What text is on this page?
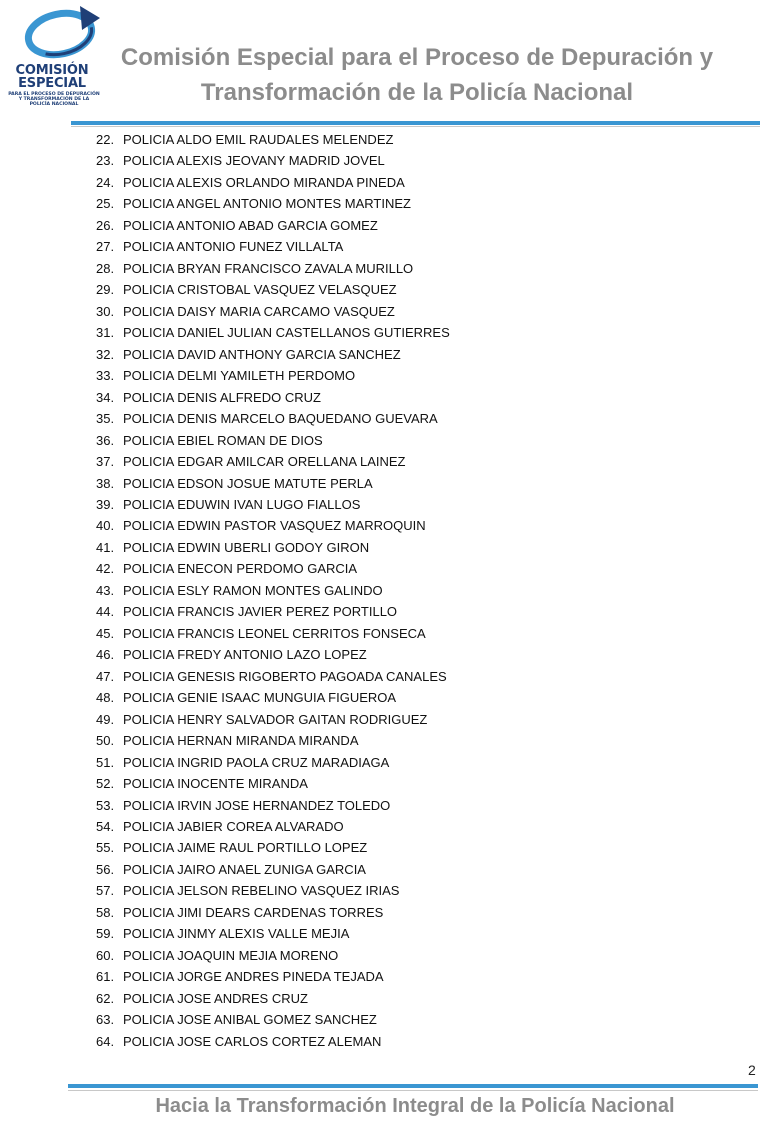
COMISIÓN
ESPECIAL
PARA EL PROCESO DE DEPURACIÓN
Y TRANSFORMACIÓN DE LA
POLICÍA NACIONAL
Comisión Especial para el Proceso de Depuración y
Transformación de la Policía Nacional
22. POLICIA ALDO EMIL RAUDALES MELENDEZ
23. POLICIA ALEXIS JEOVANY MADRID JOVEL
24. POLICIA ALEXIS ORLANDO MIRANDA PINEDA
25. POLICIA ANGEL ANTONIO MONTES MARTINEZ
26. POLICIA ANTONIO ABAD GARCIA GOMEZ
27. POLICIA ANTONIO FUNEZ VILLALTA
28. POLICIA BRYAN FRANCISCO ZAVALA MURILLO
29. POLICIA CRISTOBAL VASQUEZ VELASQUEZ
30. POLICIA DAISY MARIA CARCAMO VASQUEZ
31. POLICIA DANIEL JULIAN CASTELLANOS GUTIERRES
32. POLICIA DAVID ANTHONY GARCIA SANCHEZ
33. POLICIA DELMI YAMILETH PERDOMO
34. POLICIA DENIS ALFREDO CRUZ
35. POLICIA DENIS MARCELO BAQUEDANO GUEVARA
36. POLICIA EBIEL ROMAN DE DIOS
37. POLICIA EDGAR AMILCAR ORELLANA LAINEZ
38. POLICIA EDSON JOSUE MATUTE PERLA
39. POLICIA EDUWIN IVAN LUGO FIALLOS
40. POLICIA EDWIN PASTOR VASQUEZ MARROQUIN
41. POLICIA EDWIN UBERLI GODOY GIRON
42. POLICIA ENECON PERDOMO GARCIA
43. POLICIA ESLY RAMON MONTES GALINDO
44. POLICIA FRANCIS JAVIER PEREZ PORTILLO
45. POLICIA FRANCIS LEONEL CERRITOS FONSECA
46. POLICIA FREDY ANTONIO LAZO LOPEZ
47. POLICIA GENESIS RIGOBERTO PAGOADA CANALES
48. POLICIA GENIE ISAAC MUNGUIA FIGUEROA
49. POLICIA HENRY SALVADOR GAITAN RODRIGUEZ
50. POLICIA HERNAN MIRANDA MIRANDA
51. POLICIA INGRID PAOLA CRUZ MARADIAGA
52. POLICIA INOCENTE MIRANDA
53. POLICIA IRVIN JOSE HERNANDEZ TOLEDO
54. POLICIA JABIER COREA ALVARADO
55. POLICIA JAIME RAUL PORTILLO LOPEZ
56. POLICIA JAIRO ANAEL ZUNIGA GARCIA
57. POLICIA JELSON REBELINO VASQUEZ IRIAS
58. POLICIA JIMI DEARS CARDENAS TORRES
59. POLICIA JINMY ALEXIS VALLE MEJIA
60. POLICIA JOAQUIN MEJIA MORENO
61. POLICIA JORGE ANDRES PINEDA TEJADA
62. POLICIA JOSE ANDRES CRUZ
63. POLICIA JOSE ANIBAL GOMEZ SANCHEZ
64. POLICIA JOSE CARLOS CORTEZ ALEMAN
2
Hacia la Transformación Integral de la Policía Nacional
